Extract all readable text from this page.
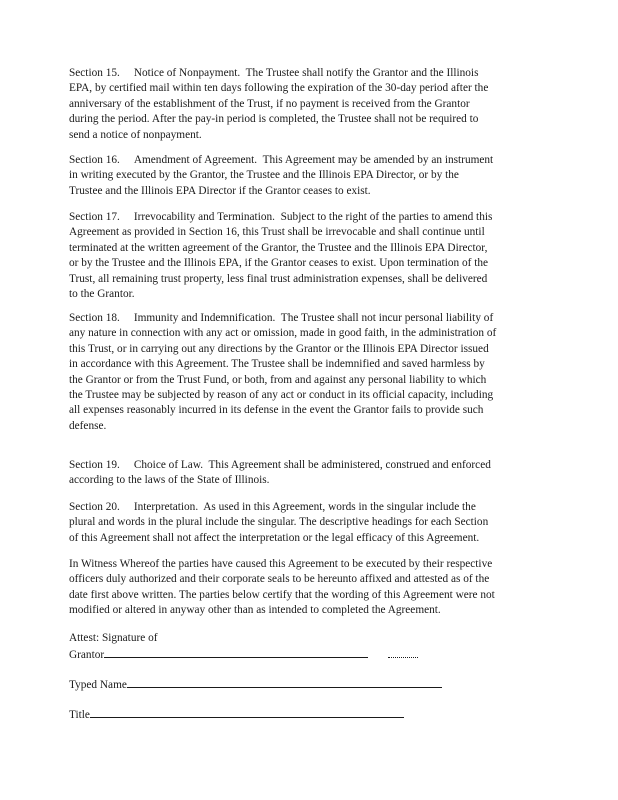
Section 15. Notice of Nonpayment. The Trustee shall notify the Grantor and the Illinois
EPA, by certified mail within ten days following the expiration of the 30-day period after the
anniversary of the establishment of the Trust, if no payment is received from the Grantor
during the period. After the pay-in period is completed, the Trustee shall not be required to
send a notice of nonpayment.
Section 16. Amendment of Agreement. This Agreement may be amended by an instrument
in writing executed by the Grantor, the Trustee and the Illinois EPA Director, or by the
Trustee and the Illinois EPA Director if the Grantor ceases to exist.
Section 17. Irrevocability and Termination. Subject to the right of the parties to amend this
Agreement as provided in Section 16, this Trust shall be irrevocable and shall continue until
terminated at the written agreement of the Grantor, the Trustee and the Illinois EPA Director,
or by the Trustee and the Illinois EPA, if the Grantor ceases to exist. Upon termination of the
Trust, all remaining trust property, less final trust administration expenses, shall be delivered
to the Grantor.
Section 18. Immunity and Indemnification. The Trustee shall not incur personal liability of
any nature in connection with any act or omission, made in good faith, in the administration of
this Trust, or in carrying out any directions by the Grantor or the Illinois EPA Director issued
in accordance with this Agreement. The Trustee shall be indemnified and saved harmless by
the Grantor or from the Trust Fund, or both, from and against any personal liability to which
the Trustee may be subjected by reason of any act or conduct in its official capacity, including
all expenses reasonably incurred in its defense in the event the Grantor fails to provide such
defense.
Section 19. Choice of Law. This Agreement shall be administered, construed and enforced
according to the laws of the State of Illinois.
Section 20. Interpretation. As used in this Agreement, words in the singular include the
plural and words in the plural include the singular. The descriptive headings for each Section
of this Agreement shall not affect the interpretation or the legal efficacy of this Agreement.
In Witness Whereof the parties have caused this Agreement to be executed by their respective
officers duly authorized and their corporate seals to be hereunto affixed and attested as of the
date first above written. The parties below certify that the wording of this Agreement were not
modified or altered in anyway other than as intended to completed the Agreement.
Attest: Signature of
Grantor
Typed Name
Title
